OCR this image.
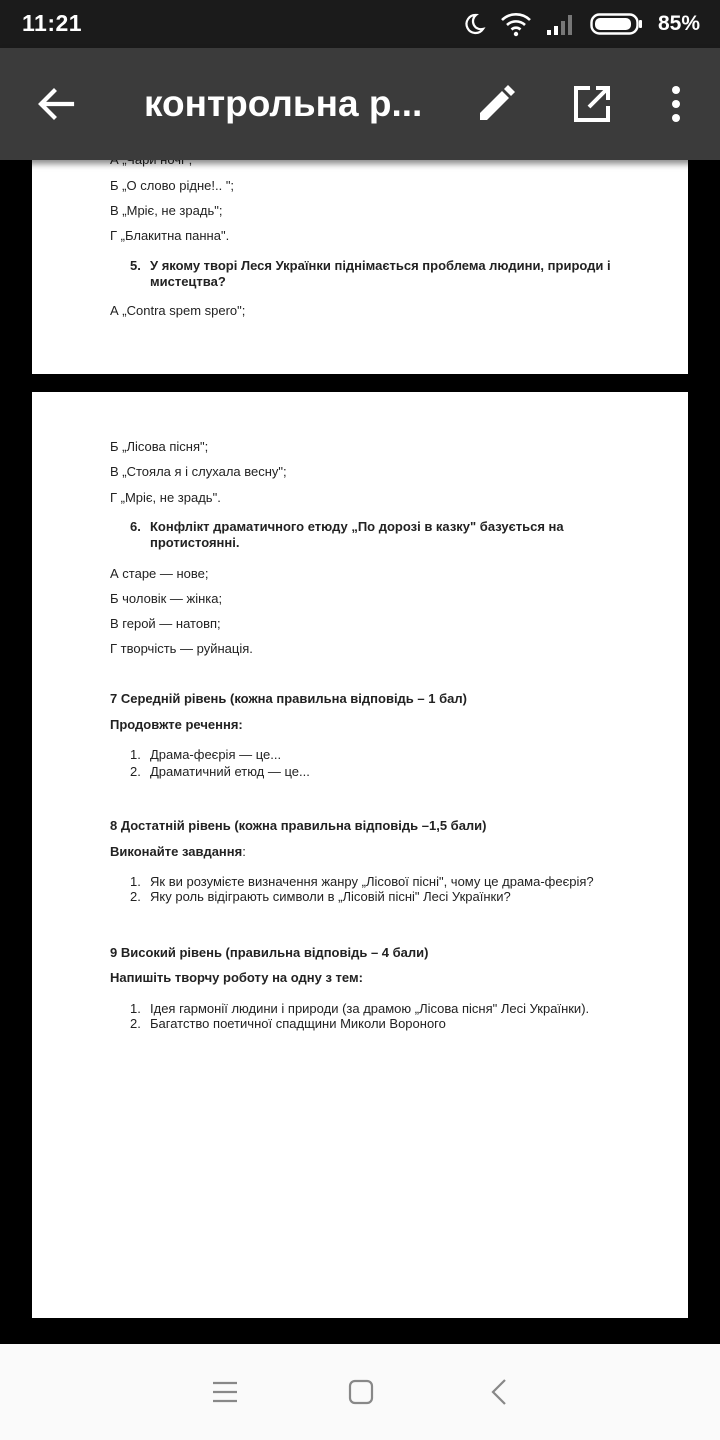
11:21	85%
контрольна р...
Б „О слово рідне!.. ";
В „Мріє, не зрадь";
Г „Блакитна панна".
5. У якому творі Леся Українки піднімається проблема людини, природи і мистецтва?
А „Contra spem spero";
Б „Лісова пісня";
В „Стояла я і слухала весну";
Г „Мріє, не зрадь".
6. Конфлікт драматичного етюду „По дорозі в казку" базується на протистоянні.
А старе — нове;
Б чоловік — жінка;
В герой — натовп;
Г творчість — руйнація.
7 Середній рівень (кожна правильна відповідь – 1 бал)
Продовжте речення:
1. Драма-феєрія — це...
2. Драматичний етюд — це...
8 Достатній рівень (кожна правильна відповідь –1,5 бали)
Виконайте завдання:
1. Як ви розумієте визначення жанру „Лісової пісні", чому це драма-феєрія?
2. Яку роль відіграють символи в „Лісовій пісні" Лесі Українки?
9 Високий рівень (правильна відповідь – 4 бали)
Напишіть творчу роботу на одну з тем:
1. Ідея гармонії людини і природи (за драмою „Лісова пісня" Лесі Українки).
2. Багатство поетичної спадщини Миколи Вороного
